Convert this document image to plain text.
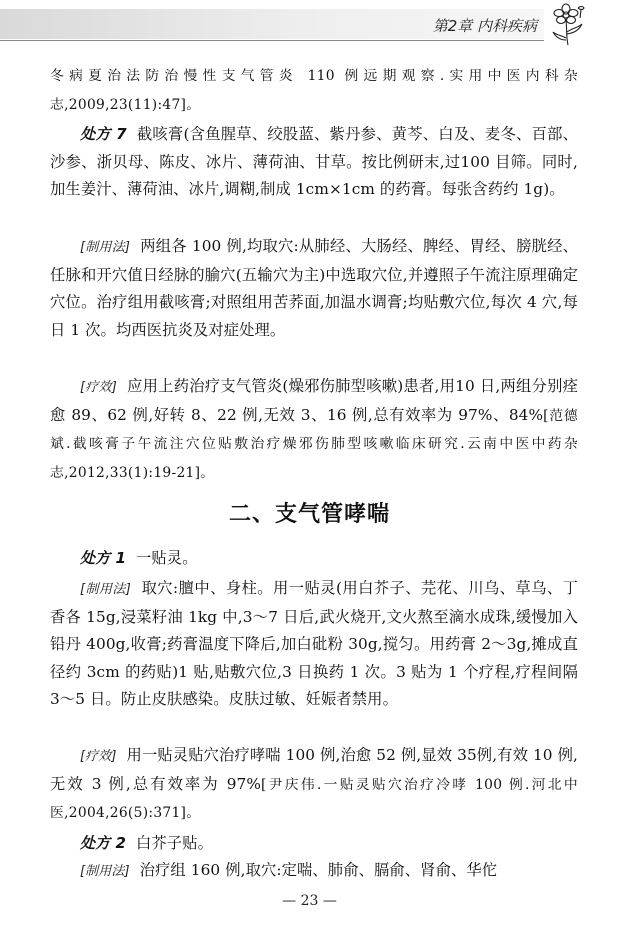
第2章 内科疾病
冬病夏治法防治慢性支气管炎 110 例远期观察.实用中医内科杂志,2009,23(11):47]。
处方 7 截咳膏(含鱼腥草、绞股蓝、紫丹参、黄芩、白及、麦冬、百部、沙参、浙贝母、陈皮、冰片、薄荷油、甘草。按比例研末,过100 目筛。同时,加生姜汁、薄荷油、冰片,调糊,制成 1cm×1cm 的药膏。每张含药约 1g)。
[制用法] 两组各 100 例,均取穴:从肺经、大肠经、脾经、胃经、膀胱经、任脉和开穴值日经脉的腧穴(五输穴为主)中选取穴位,并遵照子午流注原理确定穴位。治疗组用截咳膏;对照组用苦荞面,加温水调膏;均贴敷穴位,每次 4 穴,每日 1 次。均西医抗炎及对症处理。
[疗效] 应用上药治疗支气管炎(燥邪伤肺型咳嗽)患者,用10 日,两组分别痊愈 89、62 例,好转 8、22 例,无效 3、16 例,总有效率为 97%、84%[范德斌.截咳膏子午流注穴位贴敷治疗燥邪伤肺型咳嗽临床研究.云南中医中药杂志,2012,33(1):19-21]。
二、支气管哮喘
处方 1 一贴灵。
[制用法] 取穴:膻中、身柱。用一贴灵(用白芥子、芫花、川乌、草乌、丁香各 15g,浸菜籽油 1kg 中,3～7 日后,武火烧开,文火熬至滴水成珠,缓慢加入铅丹 400g,收膏;药膏温度下降后,加白砒粉 30g,搅匀。用药膏 2～3g,摊成直径约 3cm 的药贴)1 贴,贴敷穴位,3 日换药 1 次。3 贴为 1 个疗程,疗程间隔 3～5 日。防止皮肤感染。皮肤过敏、妊娠者禁用。
[疗效] 用一贴灵贴穴治疗哮喘 100 例,治愈 52 例,显效 35例,有效 10 例,无效 3 例,总有效率为 97%[尹庆伟.一贴灵贴穴治疗冷哮 100 例.河北中医,2004,26(5):371]。
处方 2 白芥子贴。
[制用法] 治疗组 160 例,取穴:定喘、肺俞、膈俞、肾俞、华佗
— 23 —
